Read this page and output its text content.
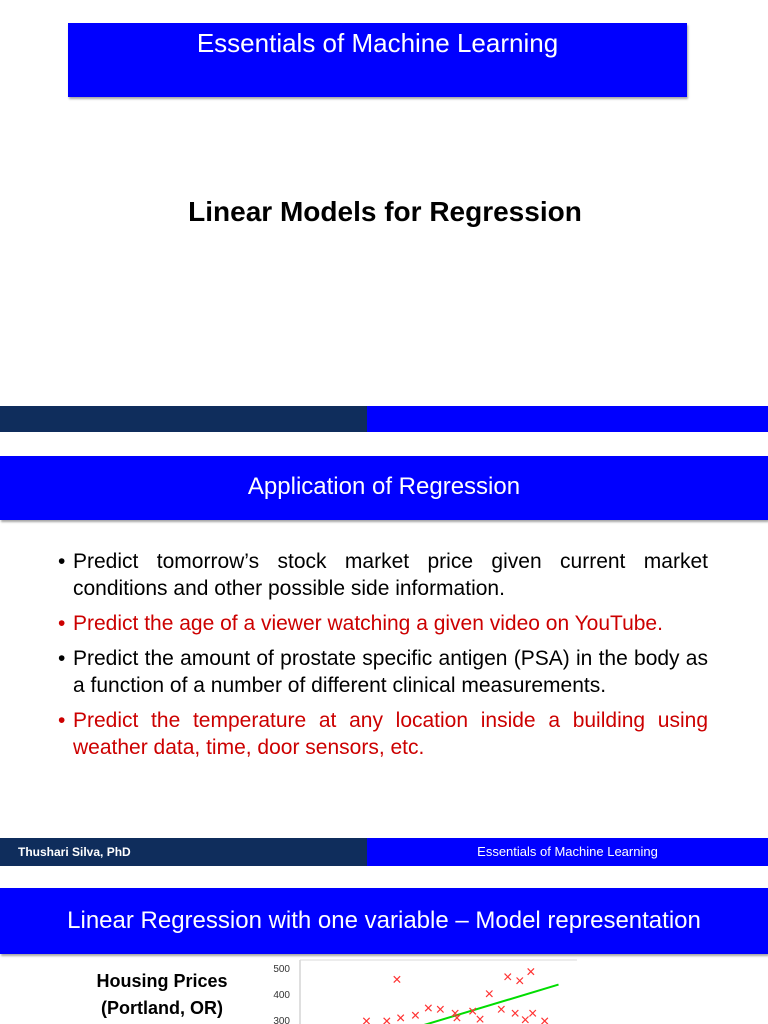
Essentials of Machine Learning
Linear Models for Regression
Application of Regression
• Predict tomorrow’s stock market price given current market conditions and other possible side information.
• Predict the age of a viewer watching a given video on YouTube.
• Predict the amount of prostate specific antigen (PSA) in the body as a function of a number of different clinical measurements.
• Predict the temperature at any location inside a building using weather data, time, door sensors, etc.
Thushari Silva, PhD	Essentials of Machine Learning
Linear Regression with one variable – Model representation
Housing Prices
(Portland, OR)
500
400
300
